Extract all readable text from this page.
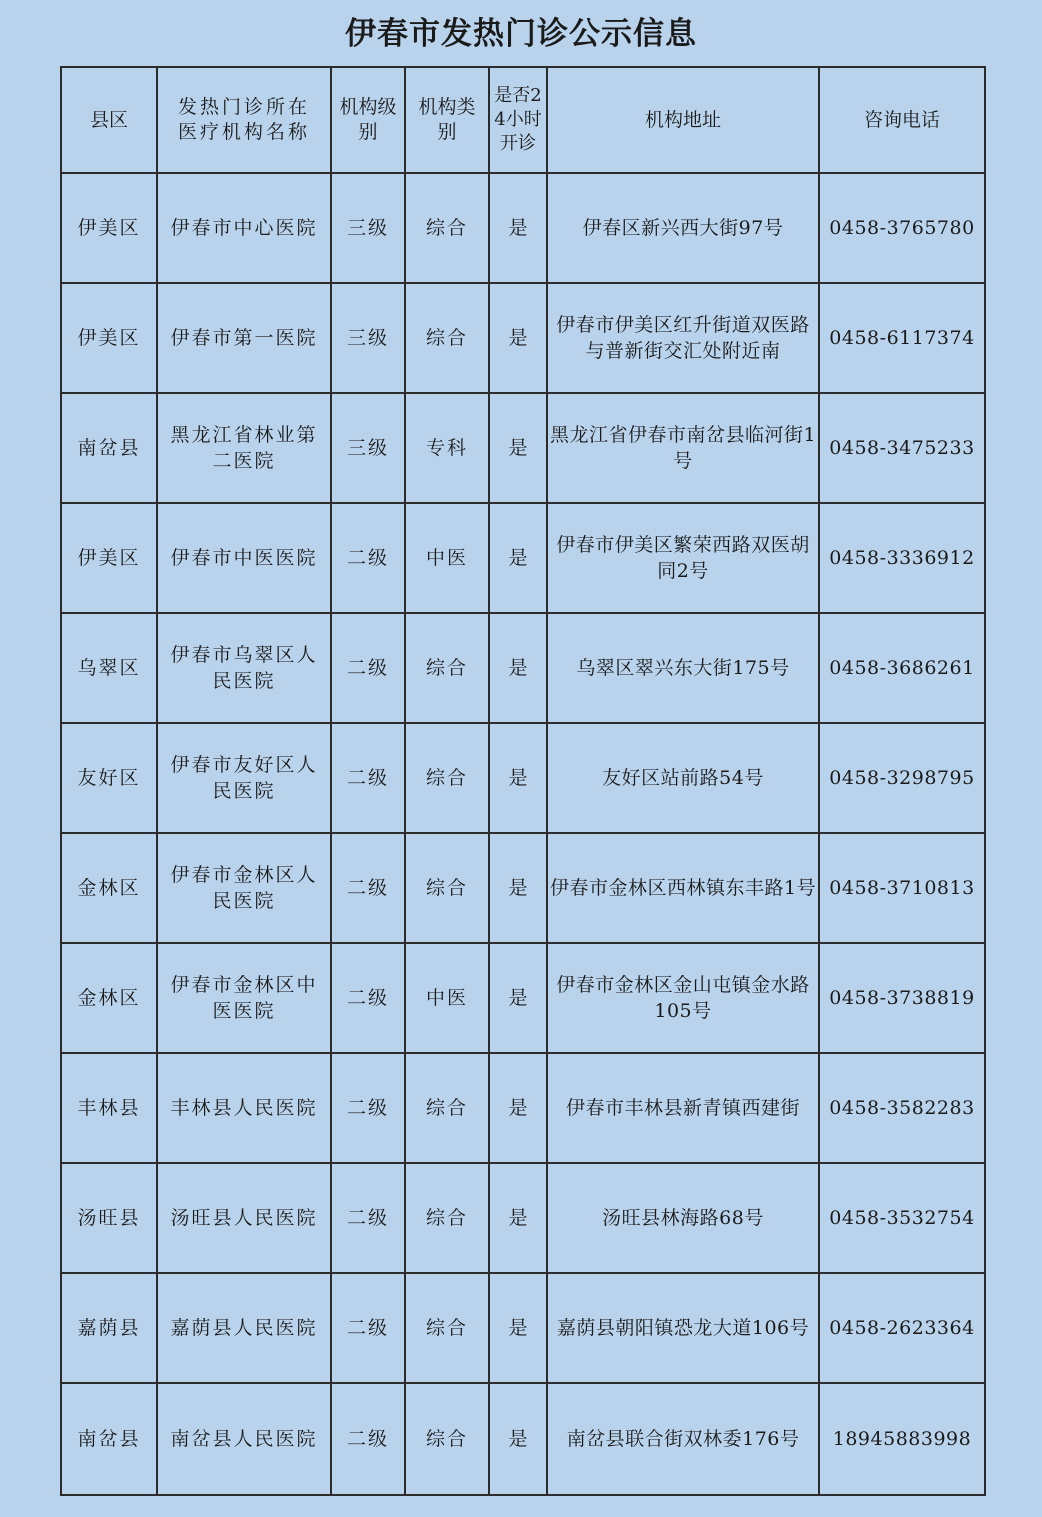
伊春市发热门诊公示信息
县区	发热门诊所在医疗机构名称	机构级别	机构类别	是否24小时开诊	机构地址	咨询电话
伊美区	伊春市中心医院	三级	综合	是	伊春区新兴西大街97号	0458-3765780
伊美区	伊春市第一医院	三级	综合	是	伊春市伊美区红升街道双医路与普新街交汇处附近南	0458-6117374
南岔县	黑龙江省林业第二医院	三级	专科	是	黑龙江省伊春市南岔县临河街1号	0458-3475233
伊美区	伊春市中医医院	二级	中医	是	伊春市伊美区繁荣西路双医胡同2号	0458-3336912
乌翠区	伊春市乌翠区人民医院	二级	综合	是	乌翠区翠兴东大街175号	0458-3686261
友好区	伊春市友好区人民医院	二级	综合	是	友好区站前路54号	0458-3298795
金林区	伊春市金林区人民医院	二级	综合	是	伊春市金林区西林镇东丰路1号	0458-3710813
金林区	伊春市金林区中医医院	二级	中医	是	伊春市金林区金山屯镇金水路105号	0458-3738819
丰林县	丰林县人民医院	二级	综合	是	伊春市丰林县新青镇西建街	0458-3582283
汤旺县	汤旺县人民医院	二级	综合	是	汤旺县林海路68号	0458-3532754
嘉荫县	嘉荫县人民医院	二级	综合	是	嘉荫县朝阳镇恐龙大道106号	0458-2623364
南岔县	南岔县人民医院	二级	综合	是	南岔县联合街双林委176号	18945883998
